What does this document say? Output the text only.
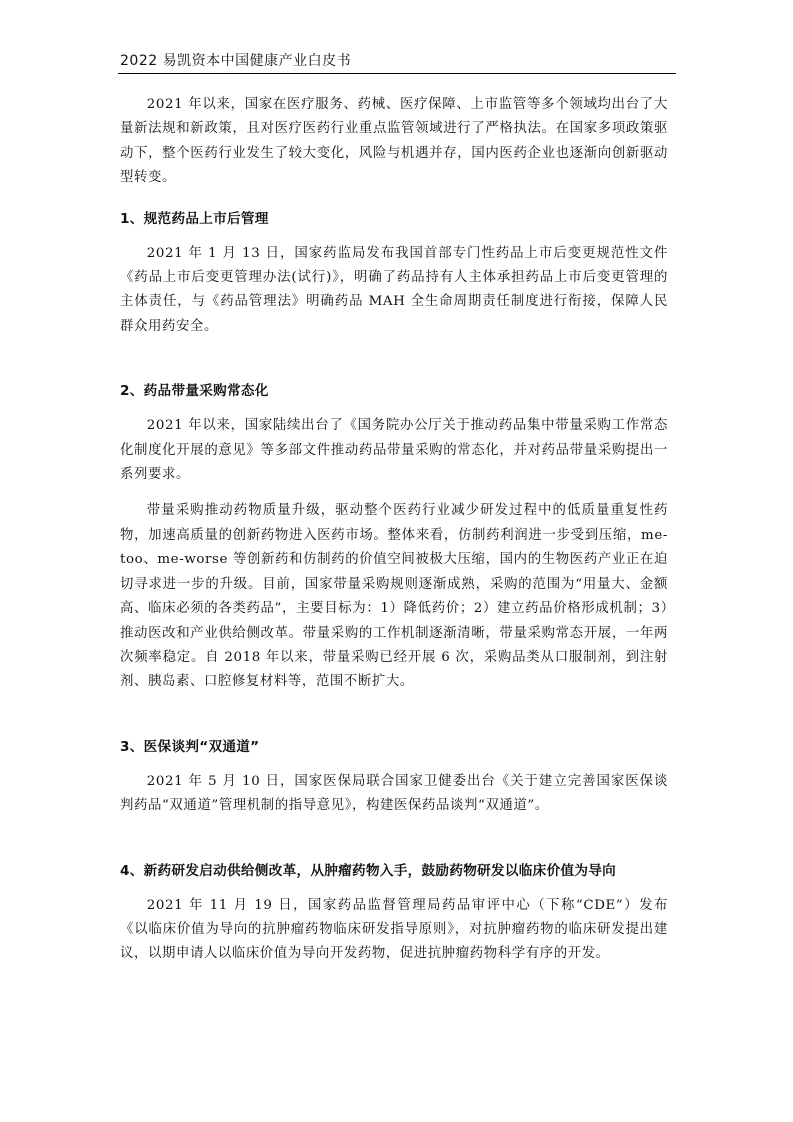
2022 易凯资本中国健康产业白皮书

2021 年以来，国家在医疗服务、药械、医疗保障、上市监管等多个领域均出台了大量新法规和新政策，且对医疗医药行业重点监管领域进行了严格执法。在国家多项政策驱动下，整个医药行业发生了较大变化，风险与机遇并存，国内医药企业也逐渐向创新驱动型转变。

1、规范药品上市后管理

2021 年 1 月 13 日，国家药监局发布我国首部专门性药品上市后变更规范性文件《药品上市后变更管理办法(试行)》，明确了药品持有人主体承担药品上市后变更管理的主体责任，与《药品管理法》明确药品 MAH 全生命周期责任制度进行衔接，保障人民群众用药安全。

2、药品带量采购常态化

2021 年以来，国家陆续出台了《国务院办公厅关于推动药品集中带量采购工作常态化制度化开展的意见》等多部文件推动药品带量采购的常态化，并对药品带量采购提出一系列要求。

带量采购推动药物质量升级，驱动整个医药行业减少研发过程中的低质量重复性药物，加速高质量的创新药物进入医药市场。整体来看，仿制药利润进一步受到压缩，me-too、me-worse 等创新药和仿制药的价值空间被极大压缩，国内的生物医药产业正在迫切寻求进一步的升级。目前，国家带量采购规则逐渐成熟，采购的范围为“用量大、金额高、临床必须的各类药品”，主要目标为：1）降低药价；2）建立药品价格形成机制；3）推动医改和产业供给侧改革。带量采购的工作机制逐渐清晰，带量采购常态开展，一年两次频率稳定。自 2018 年以来，带量采购已经开展 6 次，采购品类从口服制剂，到注射剂、胰岛素、口腔修复材料等，范围不断扩大。

3、医保谈判“双通道”

2021 年 5 月 10 日，国家医保局联合国家卫健委出台《关于建立完善国家医保谈判药品“双通道”管理机制的指导意见》，构建医保药品谈判“双通道”。

4、新药研发启动供给侧改革，从肿瘤药物入手，鼓励药物研发以临床价值为导向

2021 年 11 月 19 日，国家药品监督管理局药品审评中心（下称“CDE”）发布《以临床价值为导向的抗肿瘤药物临床研发指导原则》，对抗肿瘤药物的临床研发提出建议，以期申请人以临床价值为导向开发药物，促进抗肿瘤药物科学有序的开发。
